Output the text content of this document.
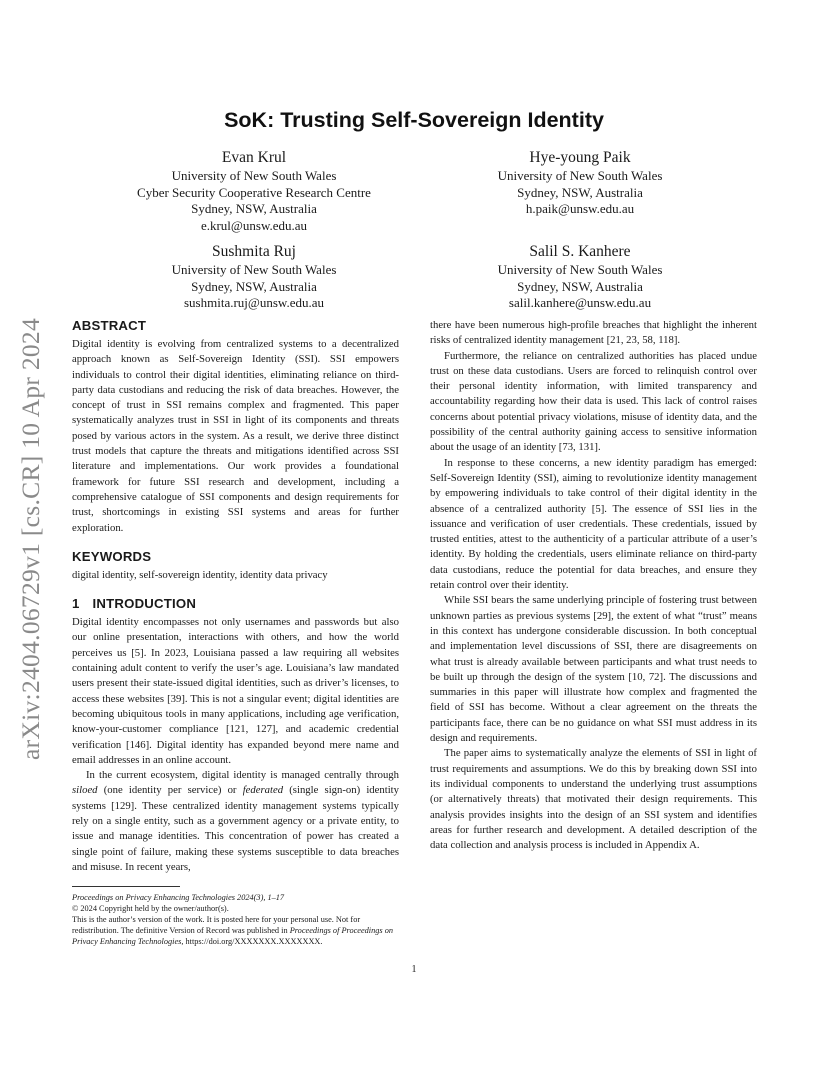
arXiv:2404.06729v1 [cs.CR] 10 Apr 2024
SoK: Trusting Self-Sovereign Identity
Evan Krul
University of New South Wales
Cyber Security Cooperative Research Centre
Sydney, NSW, Australia
e.krul@unsw.edu.au
Hye-young Paik
University of New South Wales
Sydney, NSW, Australia
h.paik@unsw.edu.au
Sushmita Ruj
University of New South Wales
Sydney, NSW, Australia
sushmita.ruj@unsw.edu.au
Salil S. Kanhere
University of New South Wales
Sydney, NSW, Australia
salil.kanhere@unsw.edu.au
ABSTRACT

Digital identity is evolving from centralized systems to a decentralized approach known as Self-Sovereign Identity (SSI). SSI empowers individuals to control their digital identities, eliminating reliance on third-party data custodians and reducing the risk of data breaches. However, the concept of trust in SSI remains complex and fragmented. This paper systematically analyzes trust in SSI in light of its components and threats posed by various actors in the system. As a result, we derive three distinct trust models that capture the threats and mitigations identified across SSI literature and implementations. Our work provides a foundational framework for future SSI research and development, including a comprehensive catalogue of SSI components and design requirements for trust, shortcomings in existing SSI systems and areas for further exploration.

KEYWORDS

digital identity, self-sovereign identity, identity data privacy

1 INTRODUCTION

Digital identity encompasses not only usernames and passwords but also our online presentation, interactions with others, and how the world perceives us [5]. In 2023, Louisiana passed a law requiring all websites containing adult content to verify the user’s age. Louisiana’s law mandated users present their state-issued digital identities, such as driver’s licenses, to access these websites [39]. This is not a singular event; digital identities are becoming ubiquitous tools in many applications, including age verification, know-your-customer compliance [121, 127], and academic credential verification [146]. Digital identity has expanded beyond mere name and email addresses in an online account.

In the current ecosystem, digital identity is managed centrally through siloed (one identity per service) or federated (single sign-on) identity systems [129]. These centralized identity management systems typically rely on a single entity, such as a government agency or a private entity, to issue and manage identities. This concentration of power has created a single point of failure, making these systems susceptible to data breaches and misuse. In recent years,

Proceedings on Privacy Enhancing Technologies 2024(3), 1–17
© 2024 Copyright held by the owner/author(s).
This is the author’s version of the work. It is posted here for your personal use. Not for redistribution. The definitive Version of Record was published in Proceedings of Proceedings on Privacy Enhancing Technologies, https://doi.org/XXXXXXX.XXXXXXX.

there have been numerous high-profile breaches that highlight the inherent risks of centralized identity management [21, 23, 58, 118].

Furthermore, the reliance on centralized authorities has placed undue trust on these data custodians. Users are forced to relinquish control over their personal identity information, with limited transparency and accountability regarding how their data is used. This lack of control raises concerns about potential privacy violations, misuse of identity data, and the possibility of the central authority gaining access to sensitive information about the usage of an identity [73, 131].

In response to these concerns, a new identity paradigm has emerged: Self-Sovereign Identity (SSI), aiming to revolutionize identity management by empowering individuals to take control of their digital identity in the absence of a centralized authority [5]. The essence of SSI lies in the issuance and verification of user credentials. These credentials, issued by trusted entities, attest to the authenticity of a particular attribute of a user’s identity. By holding the credentials, users eliminate reliance on third-party data custodians, reduce the potential for data breaches, and ensure they retain control over their identity.

While SSI bears the same underlying principle of fostering trust between unknown parties as previous systems [29], the extent of what “trust” means in this context has undergone considerable discussion. In both conceptual and implementation level discussions of SSI, there are disagreements on what trust is already available between participants and what trust needs to be built up through the design of the system [10, 72]. The discussions and summaries in this paper will illustrate how complex and fragmented the field of SSI has become. Without a clear agreement on the threats the participants face, there can be no guidance on what SSI must address in its design and requirements.

The paper aims to systematically analyze the elements of SSI in light of trust requirements and assumptions. We do this by breaking down SSI into its individual components to understand the underlying trust assumptions (or alternatively threats) that motivated their design requirements. This analysis provides insights into the design of an SSI system and identifies areas for further research and development. A detailed description of the data collection and analysis process is included in Appendix A.

1
